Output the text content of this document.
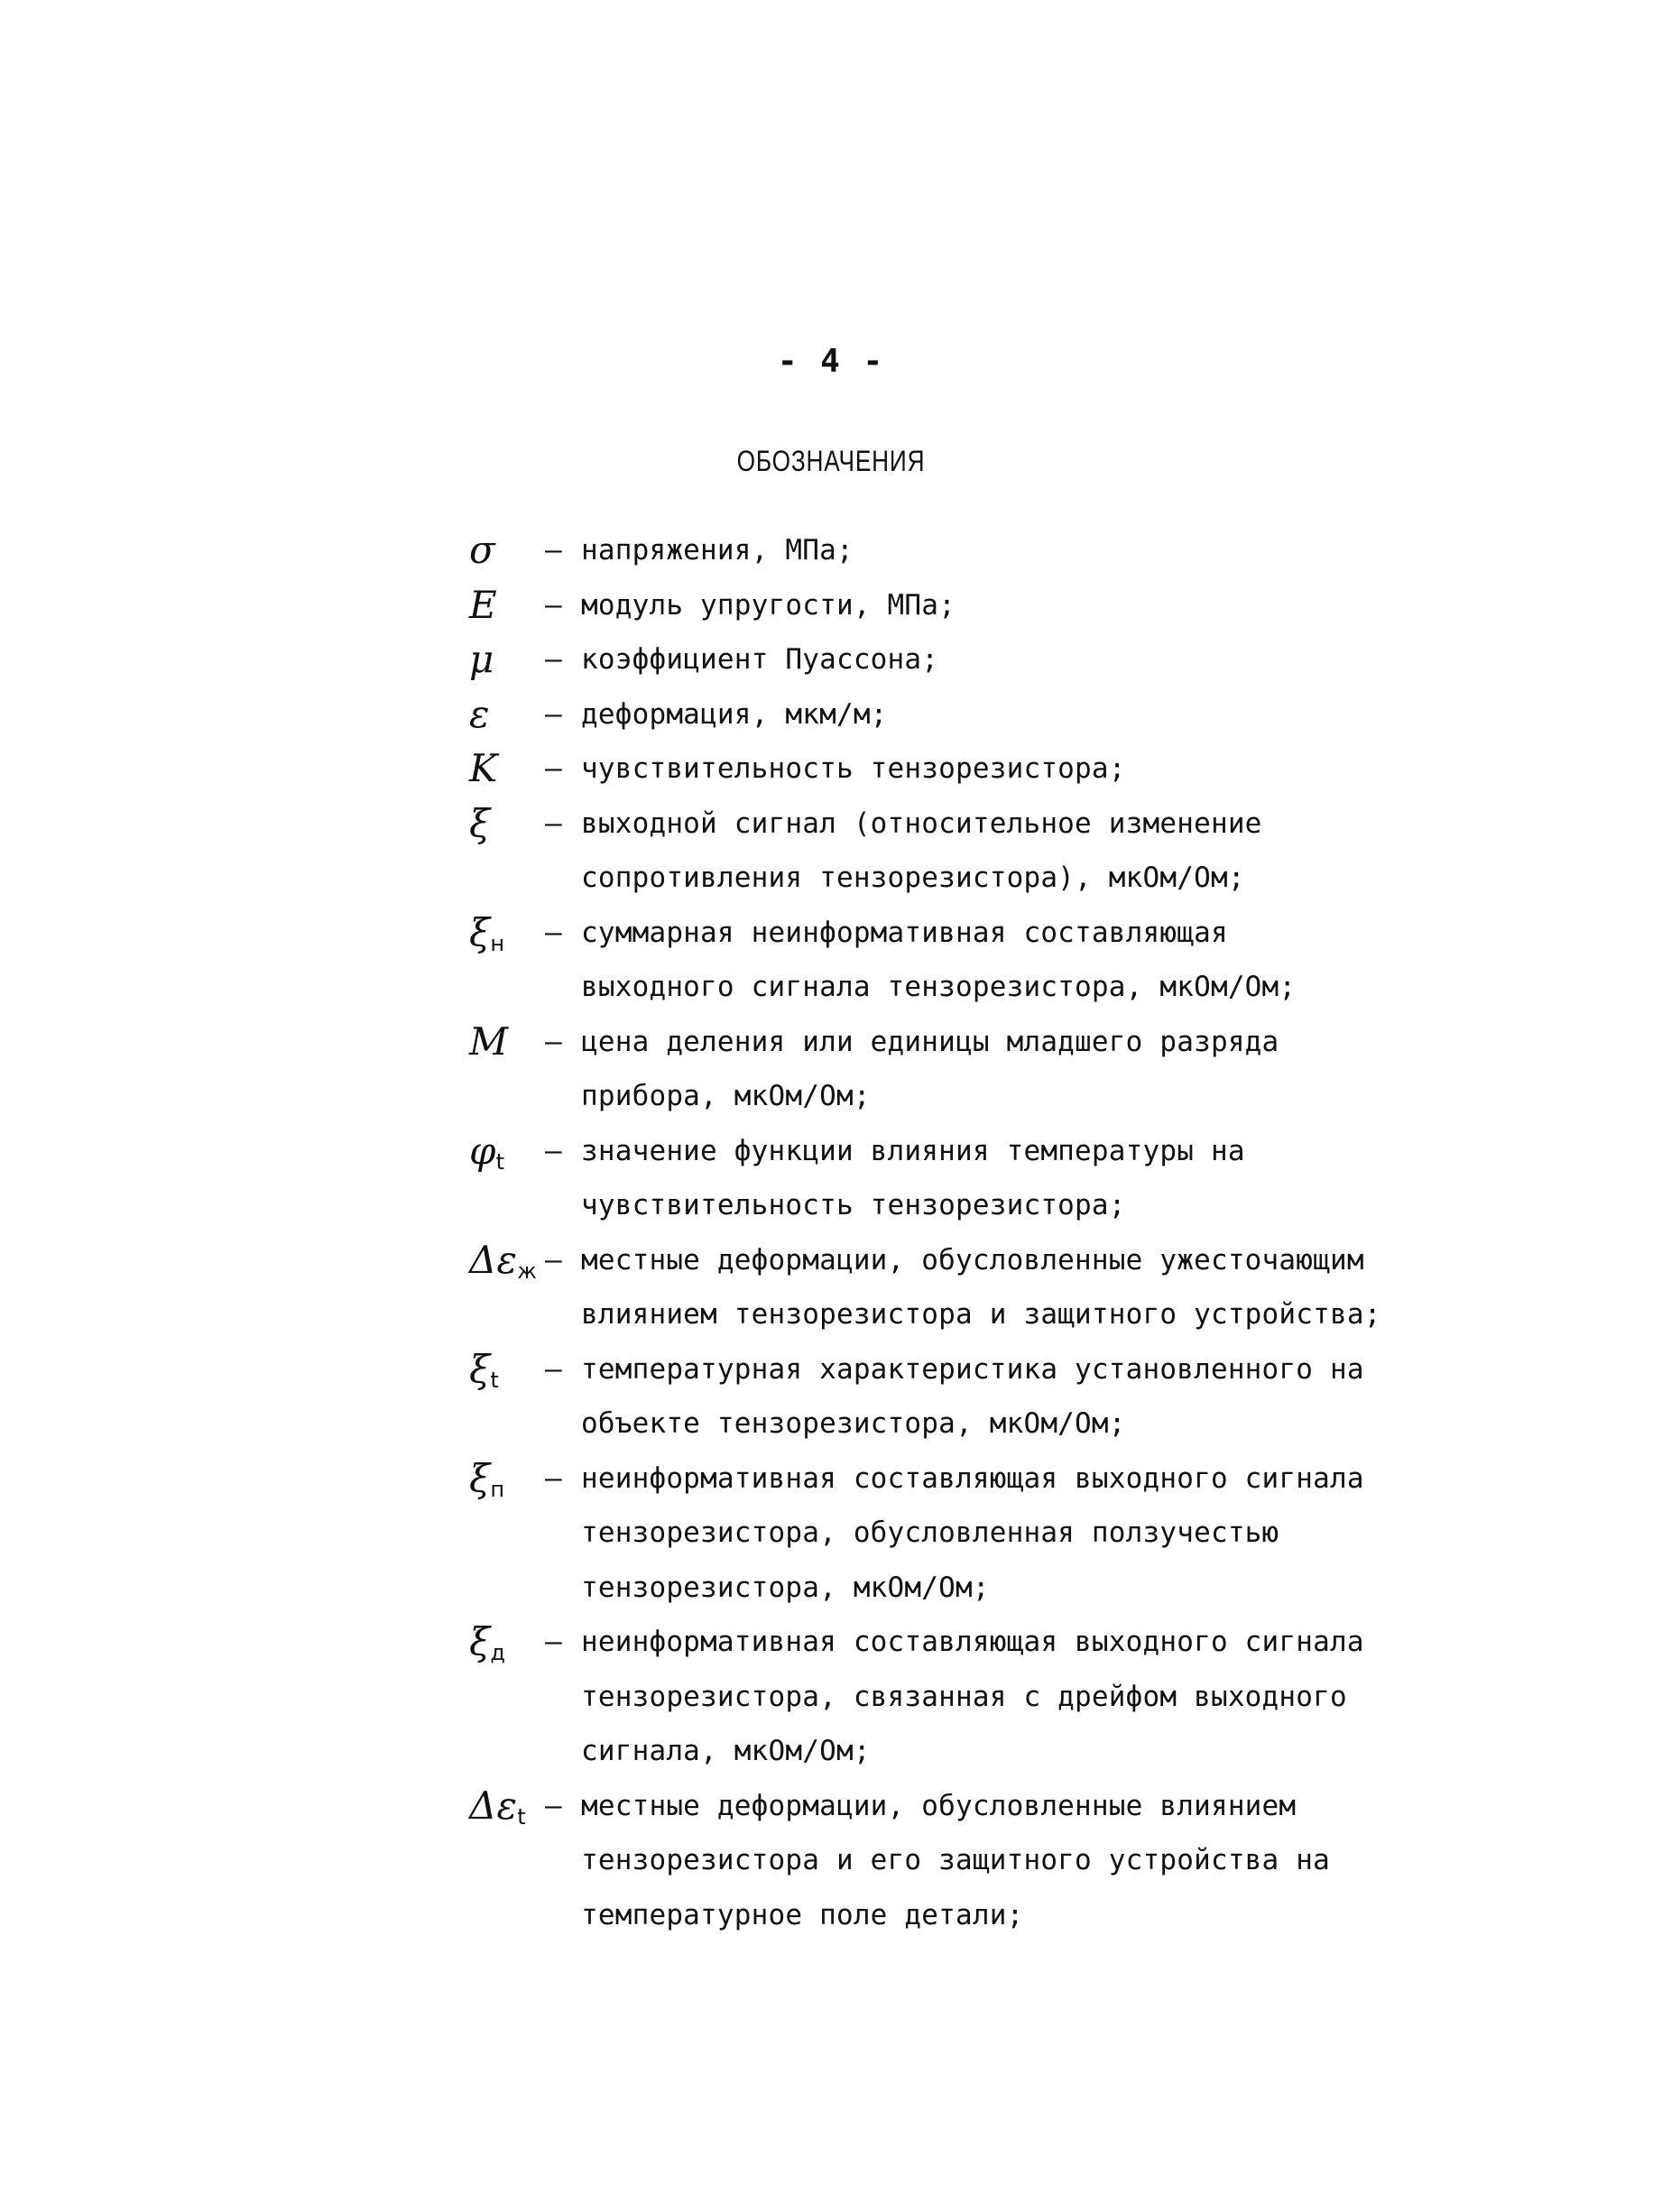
- 4 -
ОБОЗНАЧЕНИЯ
σ	– напряжения, МПа;
E	– модуль упругости, МПа;
μ	– коэффициент Пуассона;
ε	– деформация, мкм/м;
K	– чувствительность тензорезистора;
ξ	– выходной сигнал (относительное изменение сопротивления тензорезистора), мкОм/Ом;
$\xi_н$	– суммарная неинформативная составляющая выходного сигнала тензорезистора, мкОм/Ом;
M	– цена деления или единицы младшего разряда прибора, мкОм/Ом;
$\varphi_t$	– значение функции влияния температуры на чувствительность тензорезистора;
$\Delta\varepsilon_ж$ – местные деформации, обусловленные ужесточающим влиянием тензорезистора и защитного устройства;
$\xi_t$	– температурная характеристика установленного на объекте тензорезистора, мкОм/Ом;
$\xi_п$	– неинформативная составляющая выходного сигнала тензорезистора, обусловленная ползучестью тензорезистора, мкОм/Ом;
$\xi_д$	– неинформативная составляющая выходного сигнала тензорезистора, связанная с дрейфом выходного сигнала, мкОм/Ом;
$\Delta\varepsilon_t$ – местные деформации, обусловленные влиянием тензорезистора и его защитного устройства на температурное поле детали;
